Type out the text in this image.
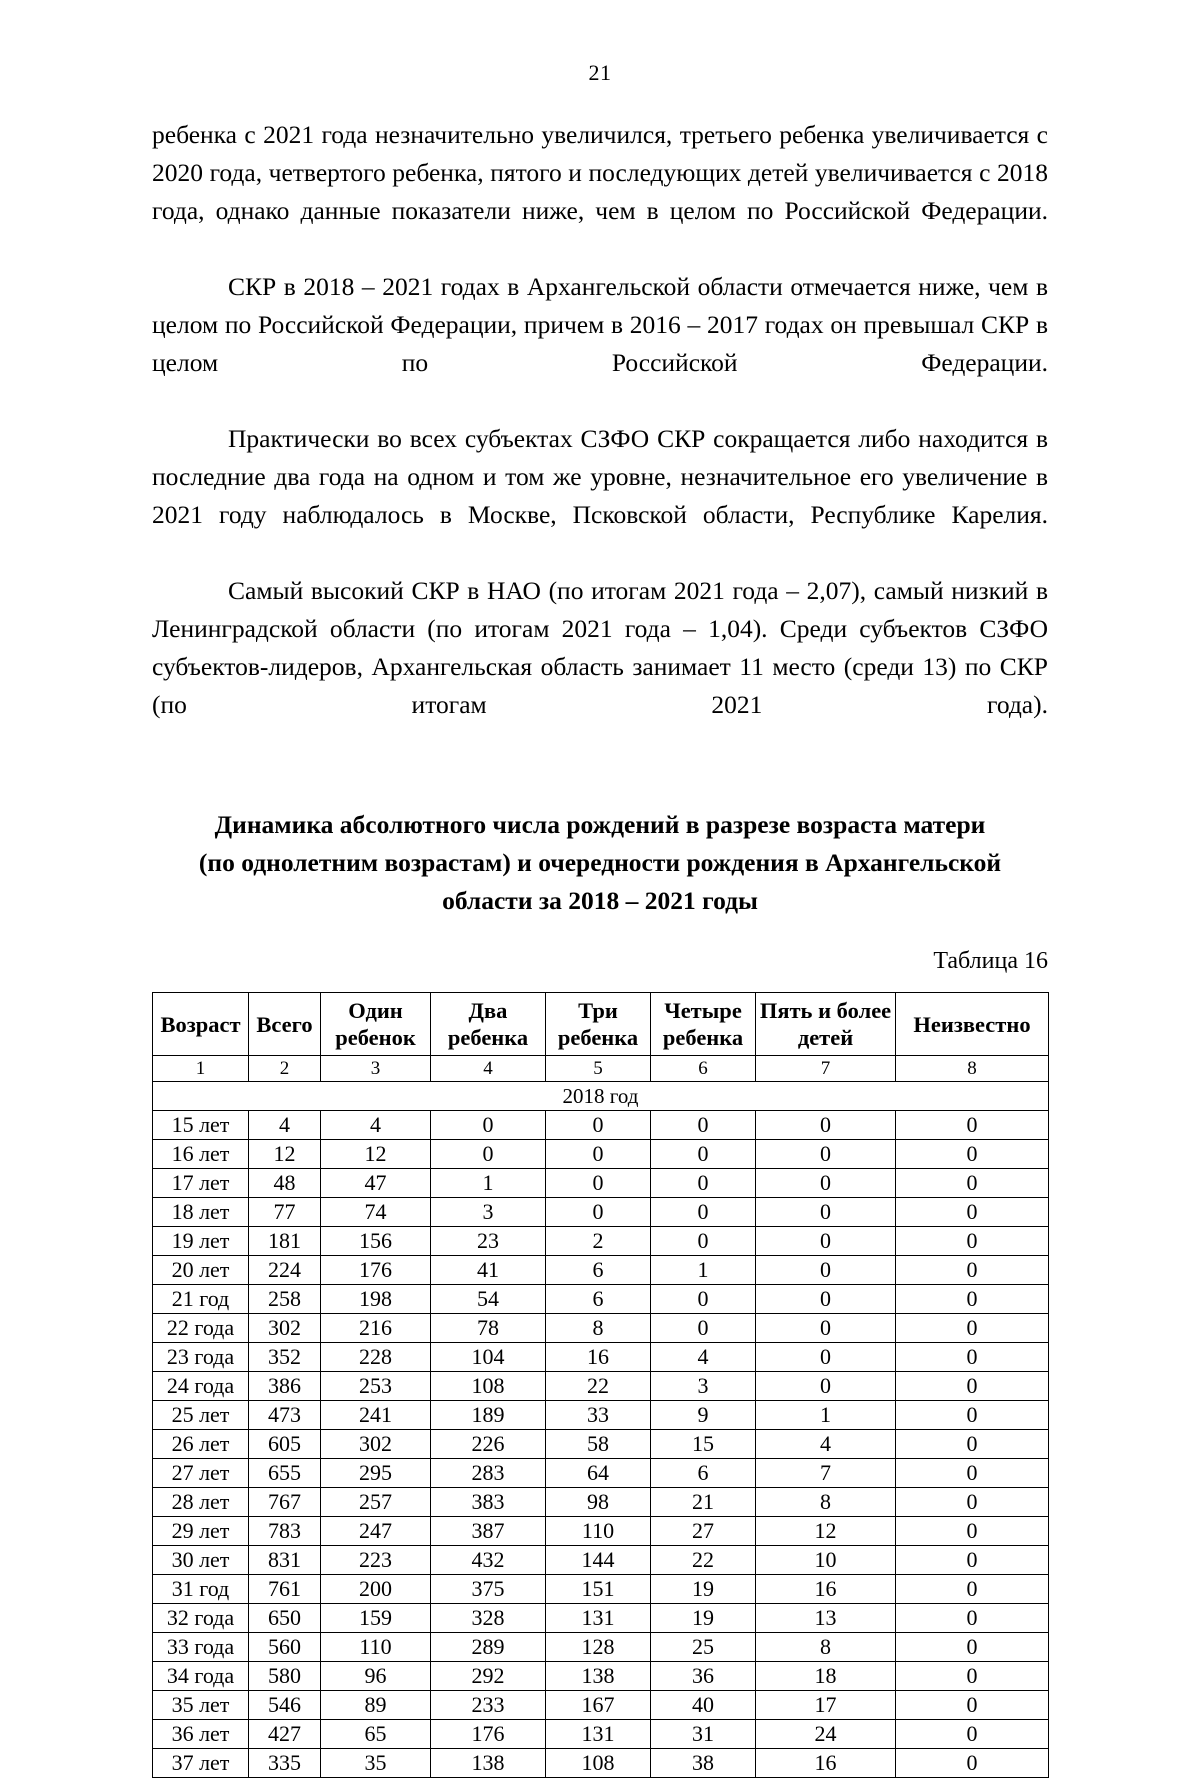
21

ребенка с 2021 года незначительно увеличился, третьего ребенка увеличивается с 2020 года, четвертого ребенка, пятого и последующих детей увеличивается с 2018 года, однако данные показатели ниже, чем в целом по Российской Федерации.

СКР в 2018 – 2021 годах в Архангельской области отмечается ниже, чем в целом по Российской Федерации, причем в 2016 – 2017 годах он превышал СКР в целом по Российской Федерации.

Практически во всех субъектах СЗФО СКР сокращается либо находится в последние два года на одном и том же уровне, незначительное его увеличение в 2021 году наблюдалось в Москве, Псковской области, Республике Карелия.

Самый высокий СКР в НАО (по итогам 2021 года – 2,07), самый низкий в Ленинградской области (по итогам 2021 года – 1,04). Среди субъектов СЗФО субъектов-лидеров, Архангельская область занимает 11 место (среди 13) по СКР (по итогам 2021 года).

Динамика абсолютного числа рождений в разрезе возраста матери
(по однолетним возрастам) и очередности рождения в Архангельской
области за 2018 – 2021 годы
Таблица 16
Возраст	Всего	Один ребенок	Два ребенка	Три ребенка	Четыре ребенка	Пять и более детей	Неизвестно
1	2	3	4	5	6	7	8
2018 год							
15 лет	4	4	0	0	0	0	0
16 лет	12	12	0	0	0	0	0
17 лет	48	47	1	0	0	0	0
18 лет	77	74	3	0	0	0	0
19 лет	181	156	23	2	0	0	0
20 лет	224	176	41	6	1	0	0
21 год	258	198	54	6	0	0	0
22 года	302	216	78	8	0	0	0
23 года	352	228	104	16	4	0	0
24 года	386	253	108	22	3	0	0
25 лет	473	241	189	33	9	1	0
26 лет	605	302	226	58	15	4	0
27 лет	655	295	283	64	6	7	0
28 лет	767	257	383	98	21	8	0
29 лет	783	247	387	110	27	12	0
30 лет	831	223	432	144	22	10	0
31 год	761	200	375	151	19	16	0
32 года	650	159	328	131	19	13	0
33 года	560	110	289	128	25	8	0
34 года	580	96	292	138	36	18	0
35 лет	546	89	233	167	40	17	0
36 лет	427	65	176	131	31	24	0
37 лет	335	35	138	108	38	16	0
